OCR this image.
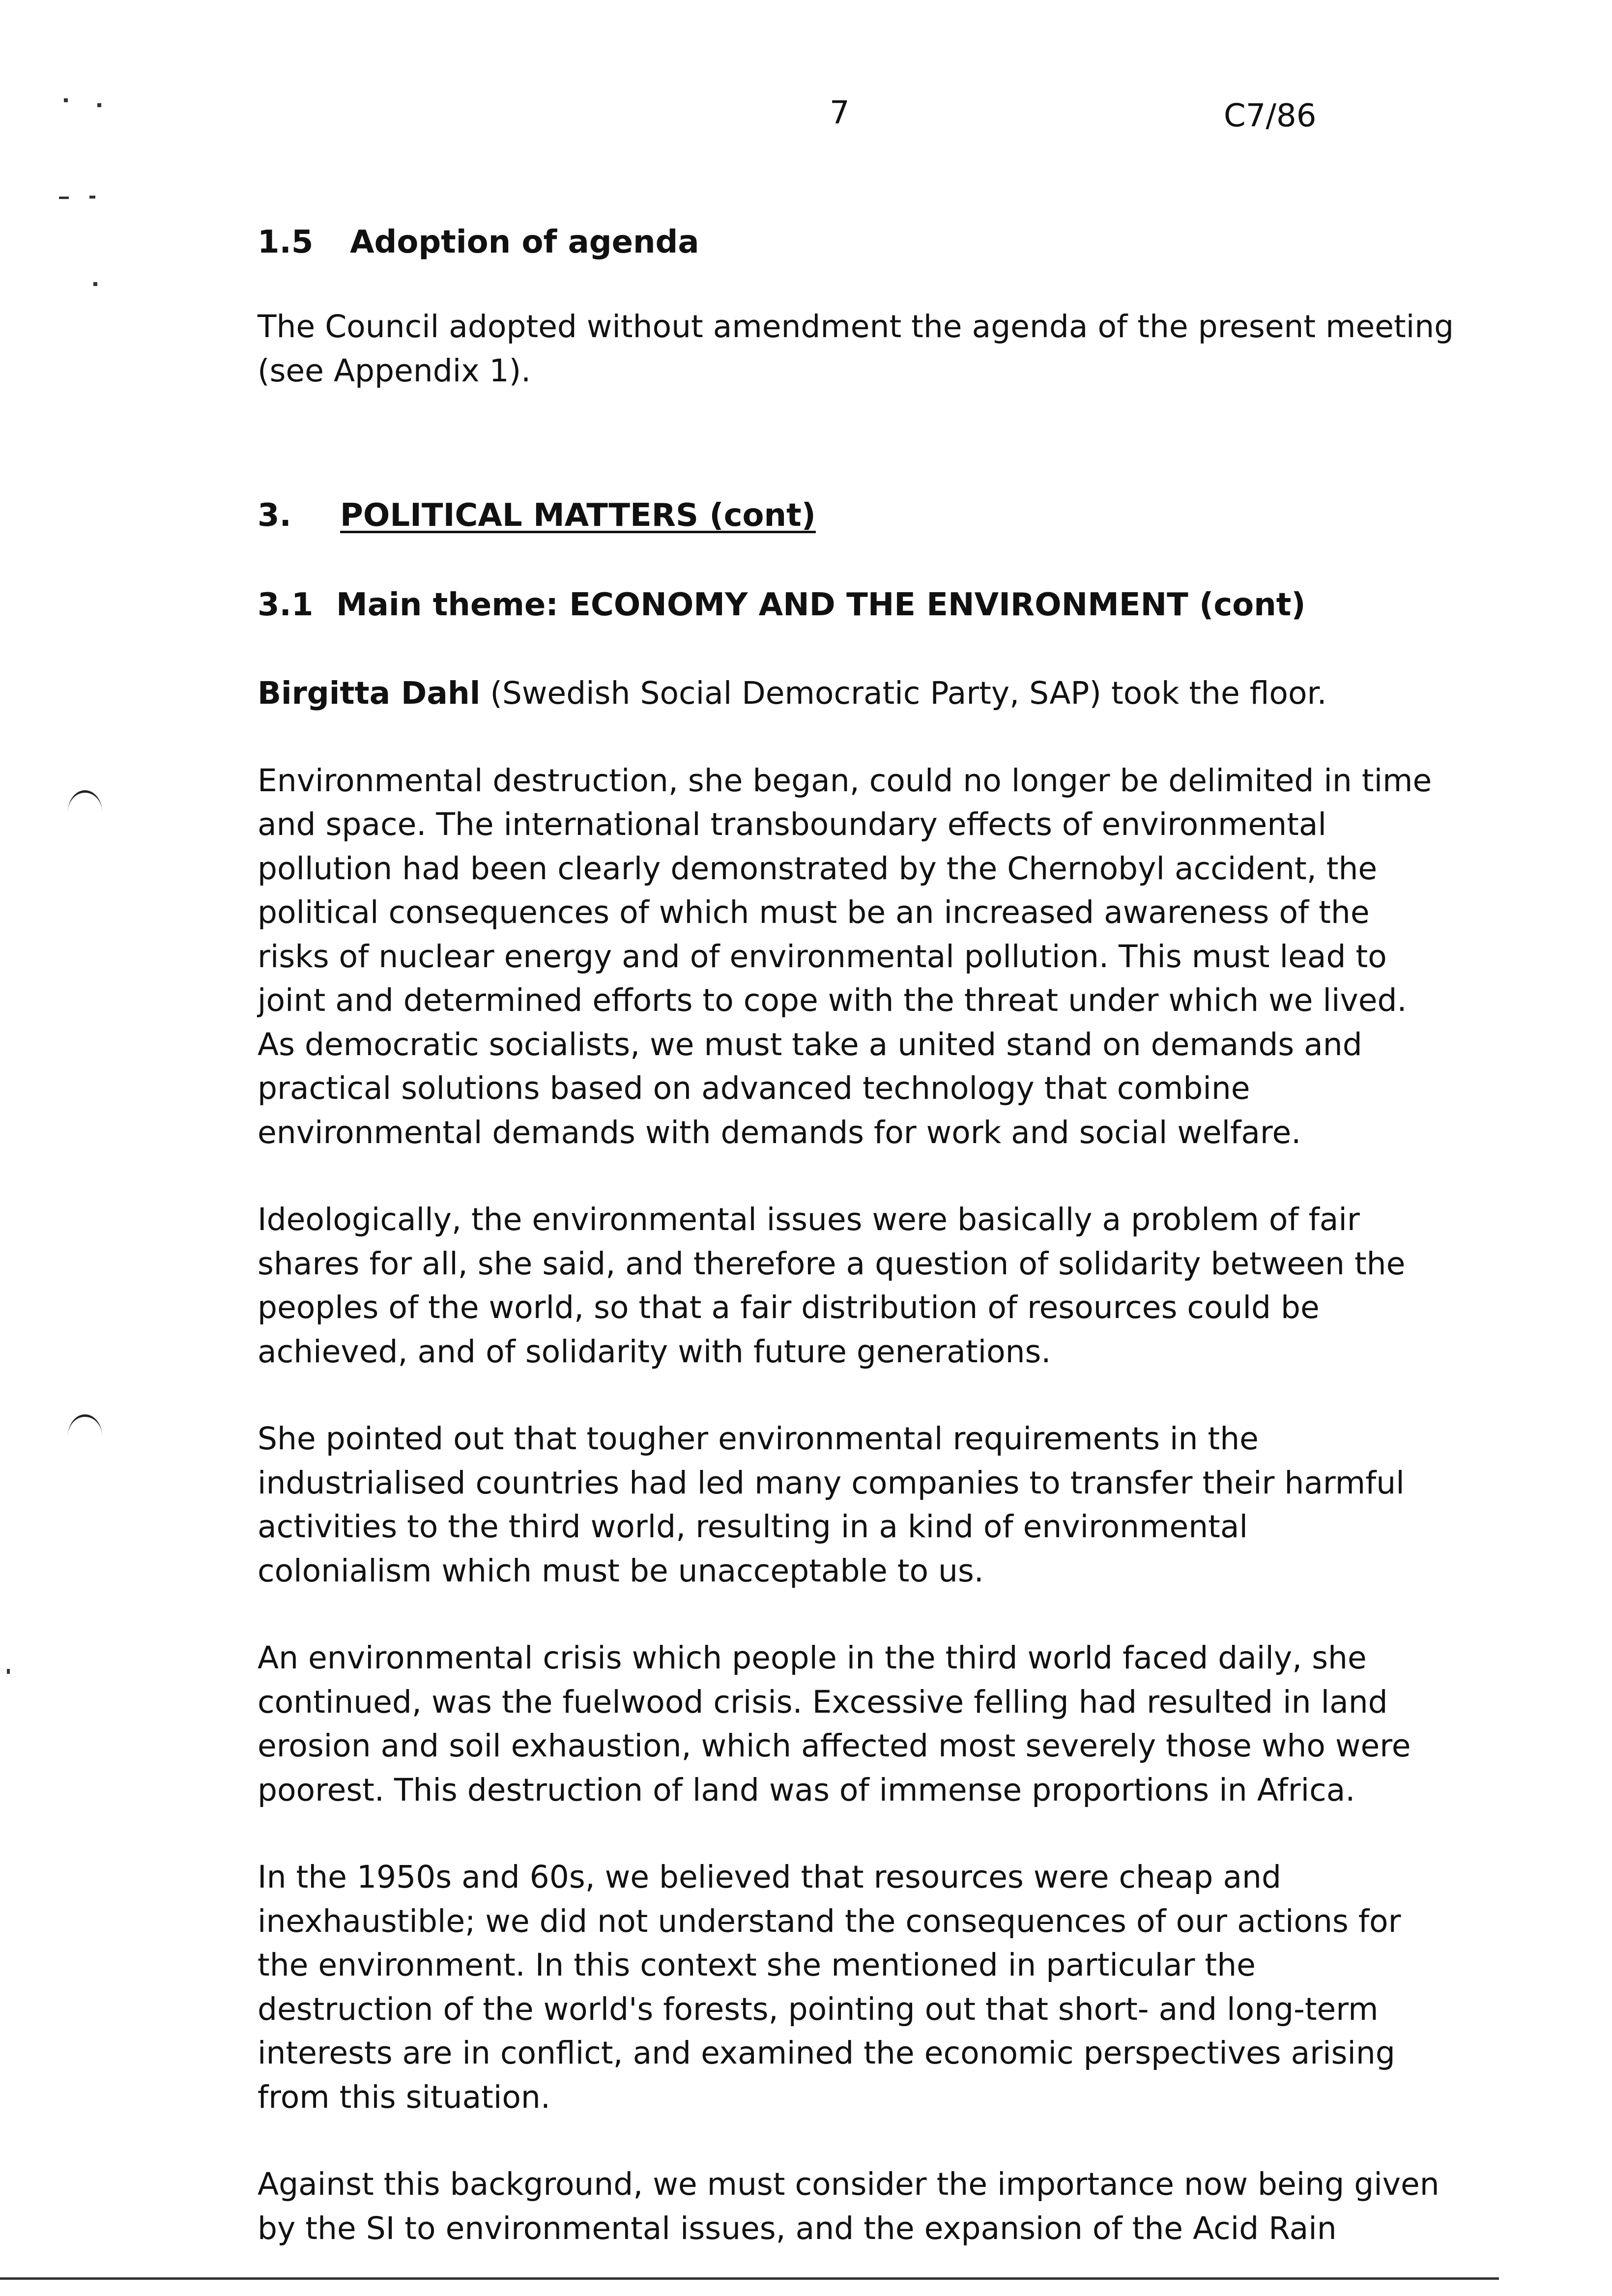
7	C7/86

1.5 Adoption of agenda

The Council adopted without amendment the agenda of the present meeting
(see Appendix 1).

3. POLITICAL MATTERS (cont)

3.1 Main theme: ECONOMY AND THE ENVIRONMENT (cont)

Birgitta Dahl (Swedish Social Democratic Party, SAP) took the floor.

Environmental destruction, she began, could no longer be delimited in time
and space. The international transboundary effects of environmental
pollution had been clearly demonstrated by the Chernobyl accident, the
political consequences of which must be an increased awareness of the
risks of nuclear energy and of environmental pollution. This must lead to
joint and determined efforts to cope with the threat under which we lived.
As democratic socialists, we must take a united stand on demands and
practical solutions based on advanced technology that combine
environmental demands with demands for work and social welfare.

Ideologically, the environmental issues were basically a problem of fair
shares for all, she said, and therefore a question of solidarity between the
peoples of the world, so that a fair distribution of resources could be
achieved, and of solidarity with future generations.

She pointed out that tougher environmental requirements in the
industrialised countries had led many companies to transfer their harmful
activities to the third world, resulting in a kind of environmental
colonialism which must be unacceptable to us.

An environmental crisis which people in the third world faced daily, she
continued, was the fuelwood crisis. Excessive felling had resulted in land
erosion and soil exhaustion, which affected most severely those who were
poorest. This destruction of land was of immense proportions in Africa.

In the 1950s and 60s, we believed that resources were cheap and
inexhaustible; we did not understand the consequences of our actions for
the environment. In this context she mentioned in particular the
destruction of the world's forests, pointing out that short- and long-term
interests are in conflict, and examined the economic perspectives arising
from this situation.

Against this background, we must consider the importance now being given
by the SI to environmental issues, and the expansion of the Acid Rain
